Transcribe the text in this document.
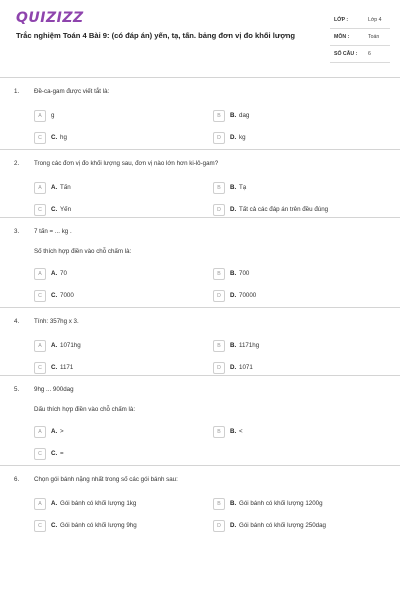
QUIZIZZ
Trắc nghiệm Toán 4 Bài 9: (có đáp án) yến, tạ, tấn. bảng đơn vị đo khối lượng
LỚP :	Lớp 4
MÔN :	Toán
SỐ CÂU : 6
1. Đề-ca-gam được viết tắt là:
A	g	B	B. dag
C	C. hg	D	D. kg
2. Trong các đơn vị đo khối lượng sau, đơn vị nào lớn hơn ki-lô-gam?
A	A. Tấn	B	B. Tạ
C	C. Yến	D	D. Tất cả các đáp án trên đều đúng
3. 7 tấn = ... kg .
Số thích hợp điền vào chỗ chấm là:
A	A. 70	B	B. 700
C	C. 7000	D	D. 70000
4. Tính: 357hg x 3.
A	A. 1071hg	B	B. 1171hg
C	C. 1171	D	D. 1071
5. 9hg ... 900dag
Dấu thích hợp điền vào chỗ chấm là:
A	A. >	B	B. <
C	C. =
6. Chọn gói bánh nặng nhất trong số các gói bánh sau:
A	A. Gói bánh có khối lượng 1kg	B	B. Gói bánh có khối lượng 1200g
C	C. Gói bánh có khối lượng 9hg	D	D. Gói bánh có khối lượng 250dag
